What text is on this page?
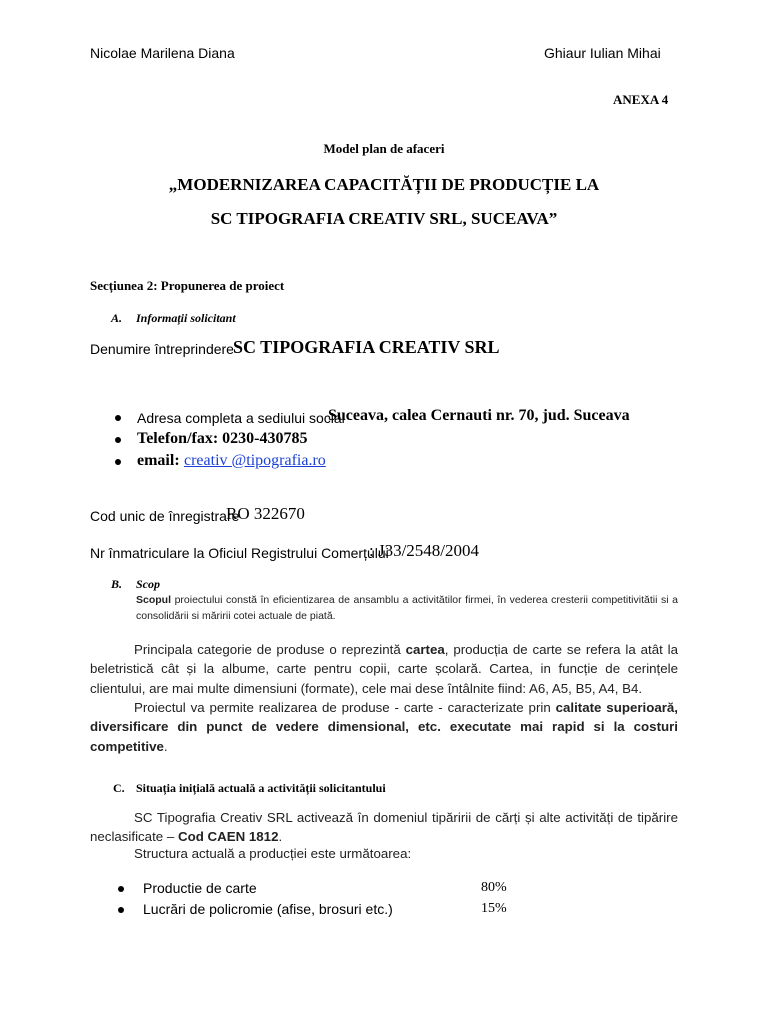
Nicolae Marilena Diana	Ghiaur Iulian Mihai
ANEXA 4
Model plan de afaceri
„MODERNIZAREA CAPACITĂȚII DE PRODUCȚIE LA
SC TIPOGRAFIA CREATIV SRL, SUCEAVA”
Secțiunea 2: Propunerea de proiect
A. Informații solicitant
Denumire întreprindere SC TIPOGRAFIA CREATIV SRL
Adresa completa a sediului social
Suceava, calea Cernauti nr. 70, jud. Suceava
Telefon/fax: 0230-430785
email: creativ @tipografia.ro
Cod unic de înregistrare
RO 322670
Nr înmatriculare la Oficiul Registrului Comerțului
: J33/2548/2004
B. Scop
Scopul proiectului constă în eficientizarea de ansamblu a activitătilor firmei, în vederea cresterii competitivitătii si a consolidării si măririi cotei actuale de piată.
Principala categorie de produse o reprezintă cartea, producția de carte se refera la atât la beletristică cât și la albume, carte pentru copii, carte școlară. Cartea, in funcție de cerințele clientului, are mai multe dimensiuni (formate), cele mai dese întâlnite fiind: A6, A5, B5, A4, B4.
Proiectul va permite realizarea de produse - carte - caracterizate prin calitate superioară, diversificare din punct de vedere dimensional, etc. executate mai rapid si la costuri competitive.
C. Situația inițială actuală a activității solicitantului
SC Tipografia Creativ SRL activează în domeniul tipăririi de cărți și alte activități de tipărire neclasificate – Cod CAEN 1812.
Structura actuală a producției este următoarea:
Productie de carte	80%
Lucrări de policromie (afise, brosuri etc.)	15%
